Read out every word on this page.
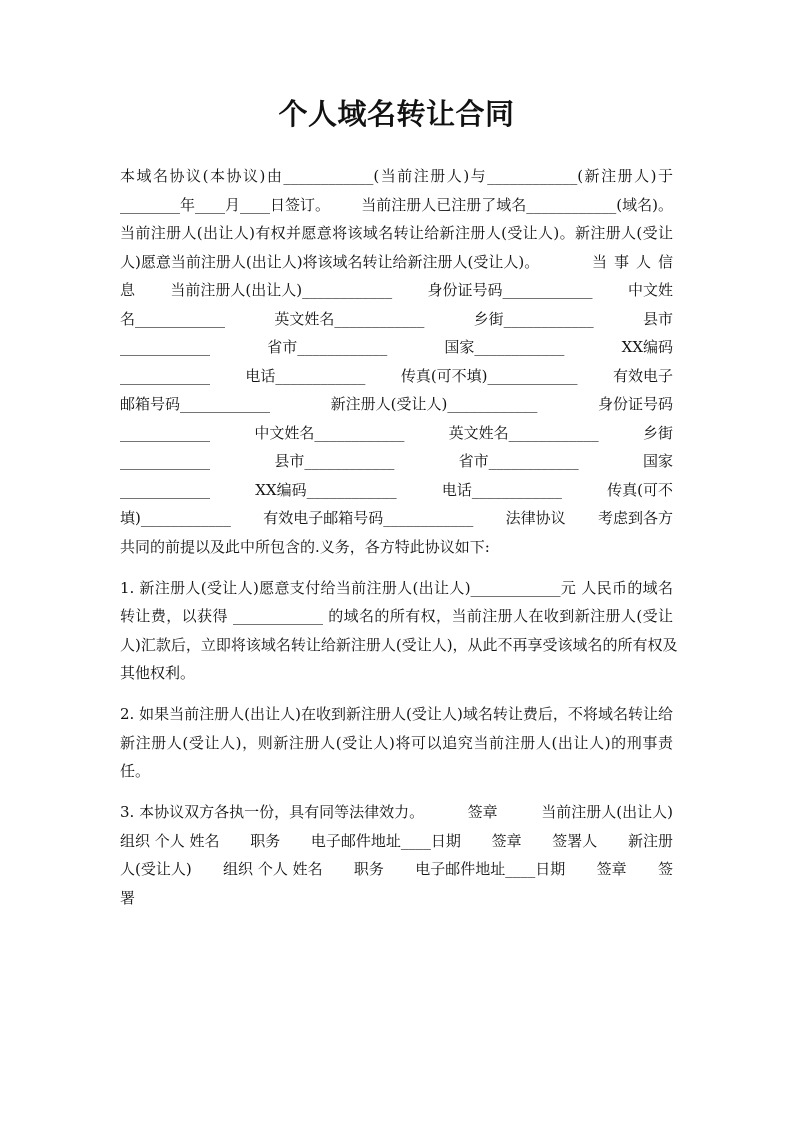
个人域名转让合同
本域名协议(本协议)由____________(当前注册人)与____________(新注册人)于
________年____月____日签订。 当前注册人已注册了域名____________(域名)。
当前注册人(出让人)有权并愿意将该域名转让给新注册人(受让人)。新注册人(受让
人)愿意当前注册人(出让人)将该域名转让给新注册人(受让人)。	当事人信
息 当前注册人(出让人)____________ 身份证号码____________ 中文姓
名____________	英文姓名____________	乡街____________	县市
____________	省市____________	国家____________	XX编码
____________ 电话____________ 传真(可不填)____________ 有效电子
邮箱号码____________	新注册人(受让人)____________	身份证号码
____________	中文姓名____________	英文姓名____________	乡街
____________	县市____________	省市____________	国家
____________	XX编码____________	电话____________	传真(可不
填)____________ 有效电子邮箱号码____________ 法律协议 考虑到各方
共同的前提以及此中所包含的.义务，各方特此协议如下:
1. 新注册人(受让人)愿意支付给当前注册人(出让人)____________元 人民币的域名
转让费，以获得 ____________ 的域名的所有权，当前注册人在收到新注册人(受让
人)汇款后，立即将该域名转让给新注册人(受让人)，从此不再享受该域名的所有权及
其他权利。
2. 如果当前注册人(出让人)在收到新注册人(受让人)域名转让费后，不将域名转让给
新注册人(受让人)，则新注册人(受让人)将可以追究当前注册人(出让人)的刑事责
任。
3. 本协议双方各执一份，具有同等法律效力。	签章	当前注册人(出让人)
组织 个人 姓名 职务 电子邮件地址____日期 签章 签署人 新注册
人(受让人) 组织 个人 姓名 职务 电子邮件地址____日期 签章 签
署
